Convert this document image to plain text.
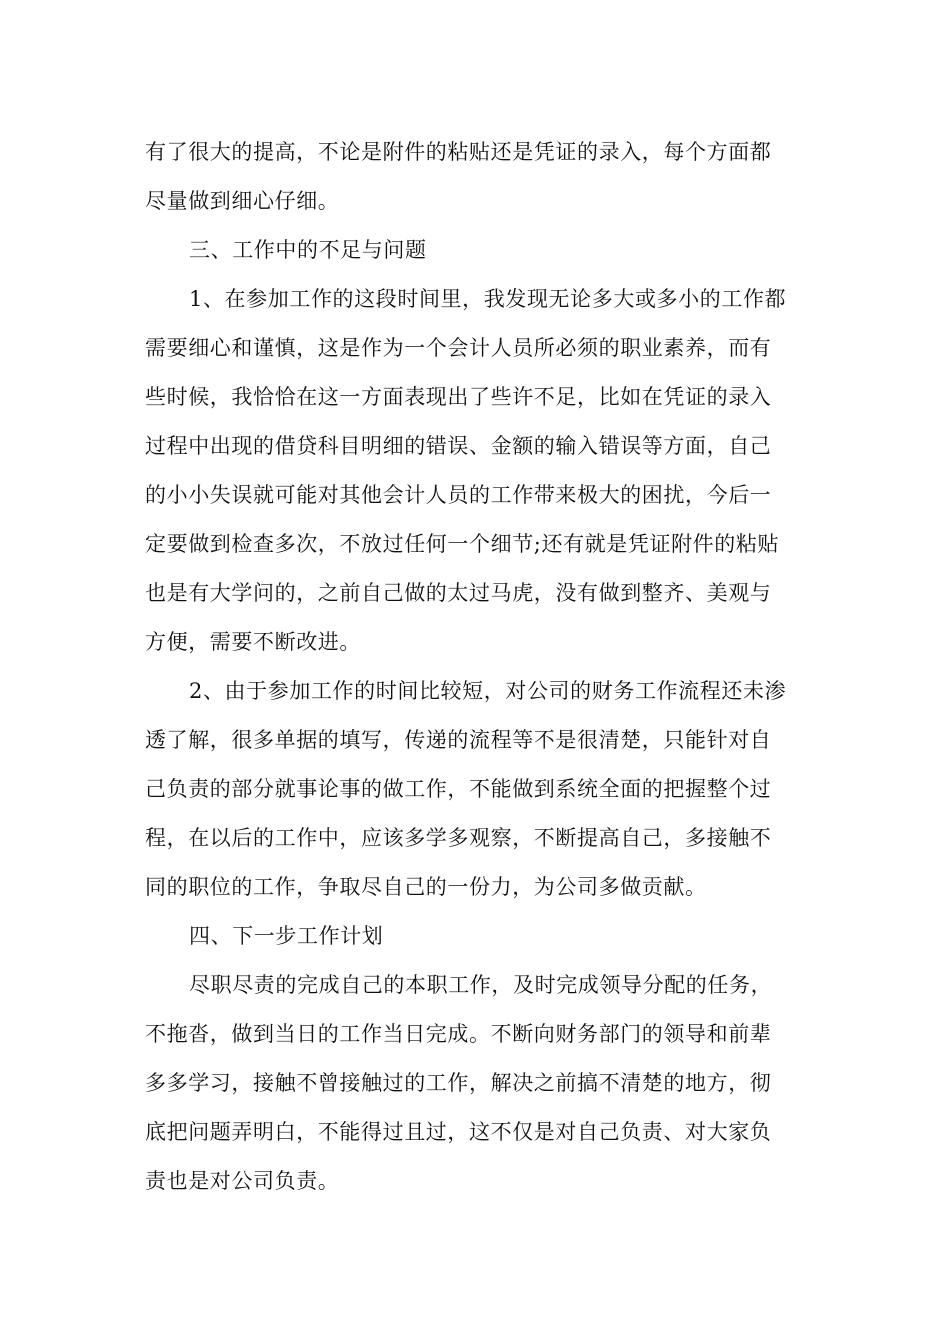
有了很大的提高，不论是附件的粘贴还是凭证的录入，每个方面都
尽量做到细心仔细。
三、工作中的不足与问题
1、在参加工作的这段时间里，我发现无论多大或多小的工作都
需要细心和谨慎，这是作为一个会计人员所必须的职业素养，而有
些时候，我恰恰在这一方面表现出了些许不足，比如在凭证的录入
过程中出现的借贷科目明细的错误、金额的输入错误等方面，自己
的小小失误就可能对其他会计人员的工作带来极大的困扰，今后一
定要做到检查多次，不放过任何一个细节;还有就是凭证附件的粘贴
也是有大学问的，之前自己做的太过马虎，没有做到整齐、美观与
方便，需要不断改进。
2、由于参加工作的时间比较短，对公司的财务工作流程还未渗
透了解，很多单据的填写，传递的流程等不是很清楚，只能针对自
己负责的部分就事论事的做工作，不能做到系统全面的把握整个过
程，在以后的工作中，应该多学多观察，不断提高自己，多接触不
同的职位的工作，争取尽自己的一份力，为公司多做贡献。
四、下一步工作计划
尽职尽责的完成自己的本职工作，及时完成领导分配的任务，
不拖沓，做到当日的工作当日完成。不断向财务部门的领导和前辈
多多学习，接触不曾接触过的工作，解决之前搞不清楚的地方，彻
底把问题弄明白，不能得过且过，这不仅是对自己负责、对大家负
责也是对公司负责。
